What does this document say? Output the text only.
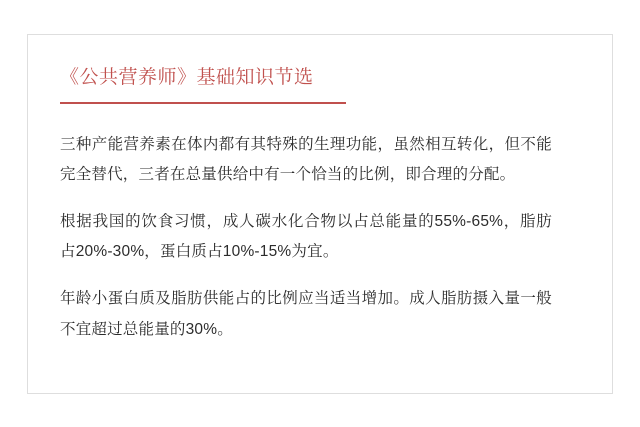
《公共营养师》基础知识节选

三种产能营养素在体内都有其特殊的生理功能，虽然相互转化，但不能完全替代，三者在总量供给中有一个恰当的比例，即合理的分配。

根据我国的饮食习惯，成人碳水化合物以占总能量的55%-65%，脂肪占20%-30%，蛋白质占10%-15%为宜。

年龄小蛋白质及脂肪供能占的比例应当适当增加。成人脂肪摄入量一般不宜超过总能量的30%。
